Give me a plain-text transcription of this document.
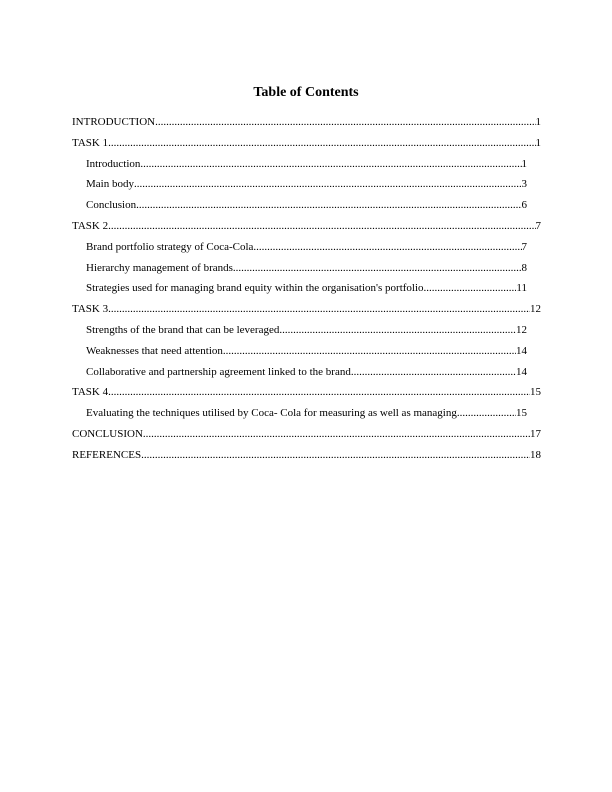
Table of Contents
INTRODUCTION .....	1
TASK 1 .....	1
Introduction .....	1
Main body .....	3
Conclusion .....	6
TASK 2 .....	7
Brand portfolio strategy of Coca-Cola .....	7
Hierarchy management of brands .....	8
Strategies used for managing brand equity within the organisation's portfolio .....	11
TASK 3 .....	12
Strengths of the brand that can be leveraged .....	12
Weaknesses that need attention .....	14
Collaborative and partnership agreement linked to the brand .....	14
TASK 4 .....	15
Evaluating the techniques utilised by Coca- Cola for measuring as well as managing .....	15
CONCLUSION .....	17
REFERENCES .....	18
